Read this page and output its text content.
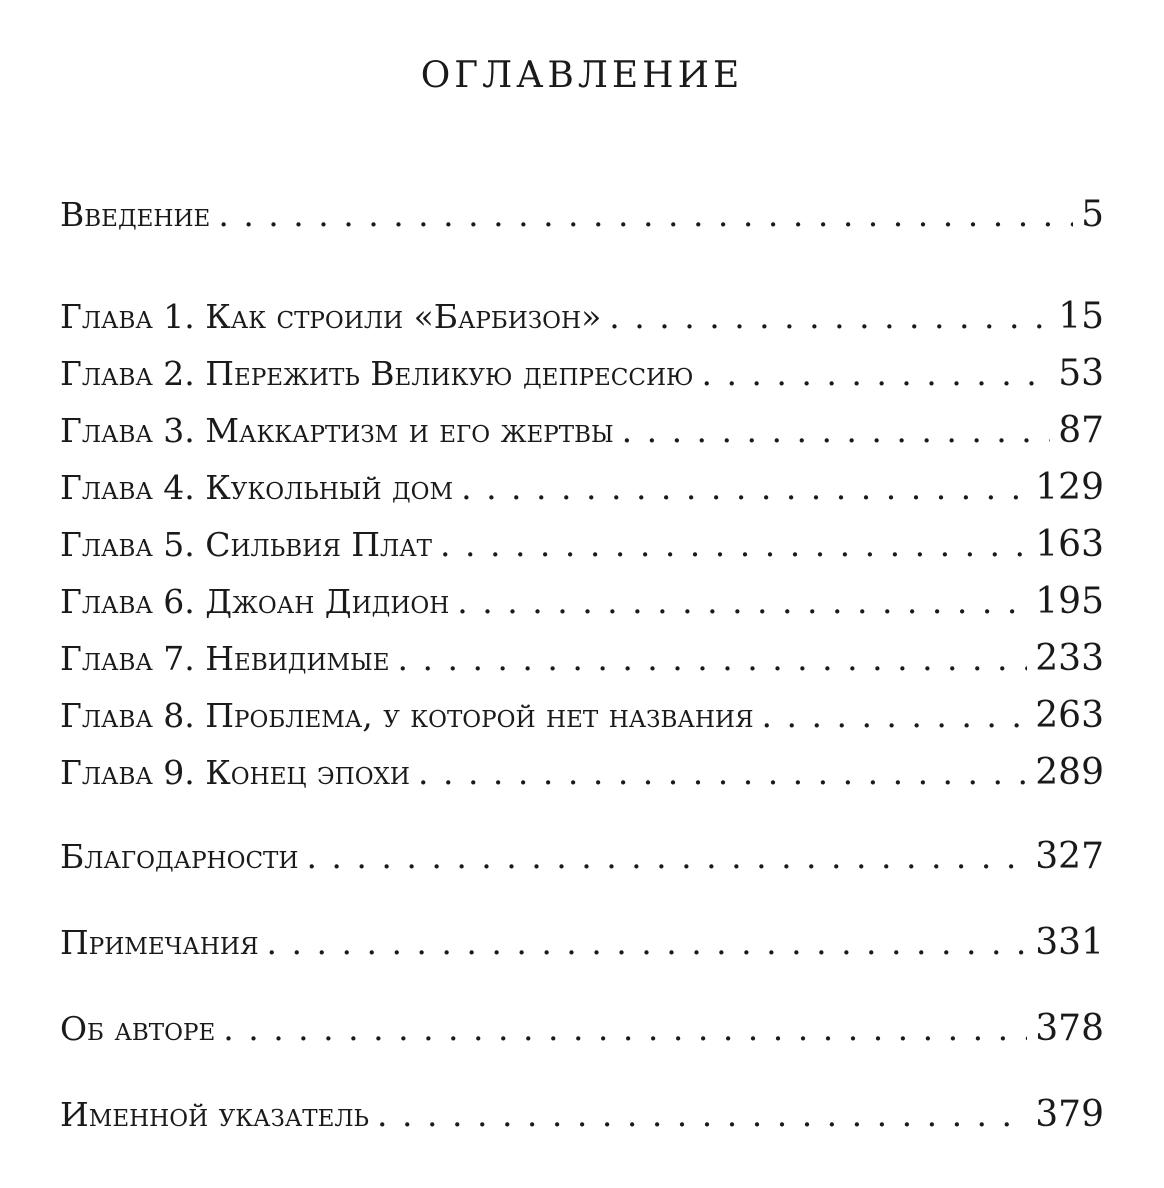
оглавление
Введение . . .	5
Глава 1. Как строили «Барбизон» . . .	15
Глава 2. Пережить Великую депрессию . . .	53
Глава 3. Маккартизм и его жертвы . . .	87
Глава 4. Кукольный дом . . .	129
Глава 5. Сильвия Плат . . .	163
Глава 6. Джоан Дидион . . .	195
Глава 7. Невидимые . . .	233
Глава 8. Проблема, у которой нет названия . . .	263
Глава 9. Конец эпохи . . .	289
Благодарности . . .	327
Примечания . . .	331
Об авторе . . .	378
Именной указатель . . .	379
